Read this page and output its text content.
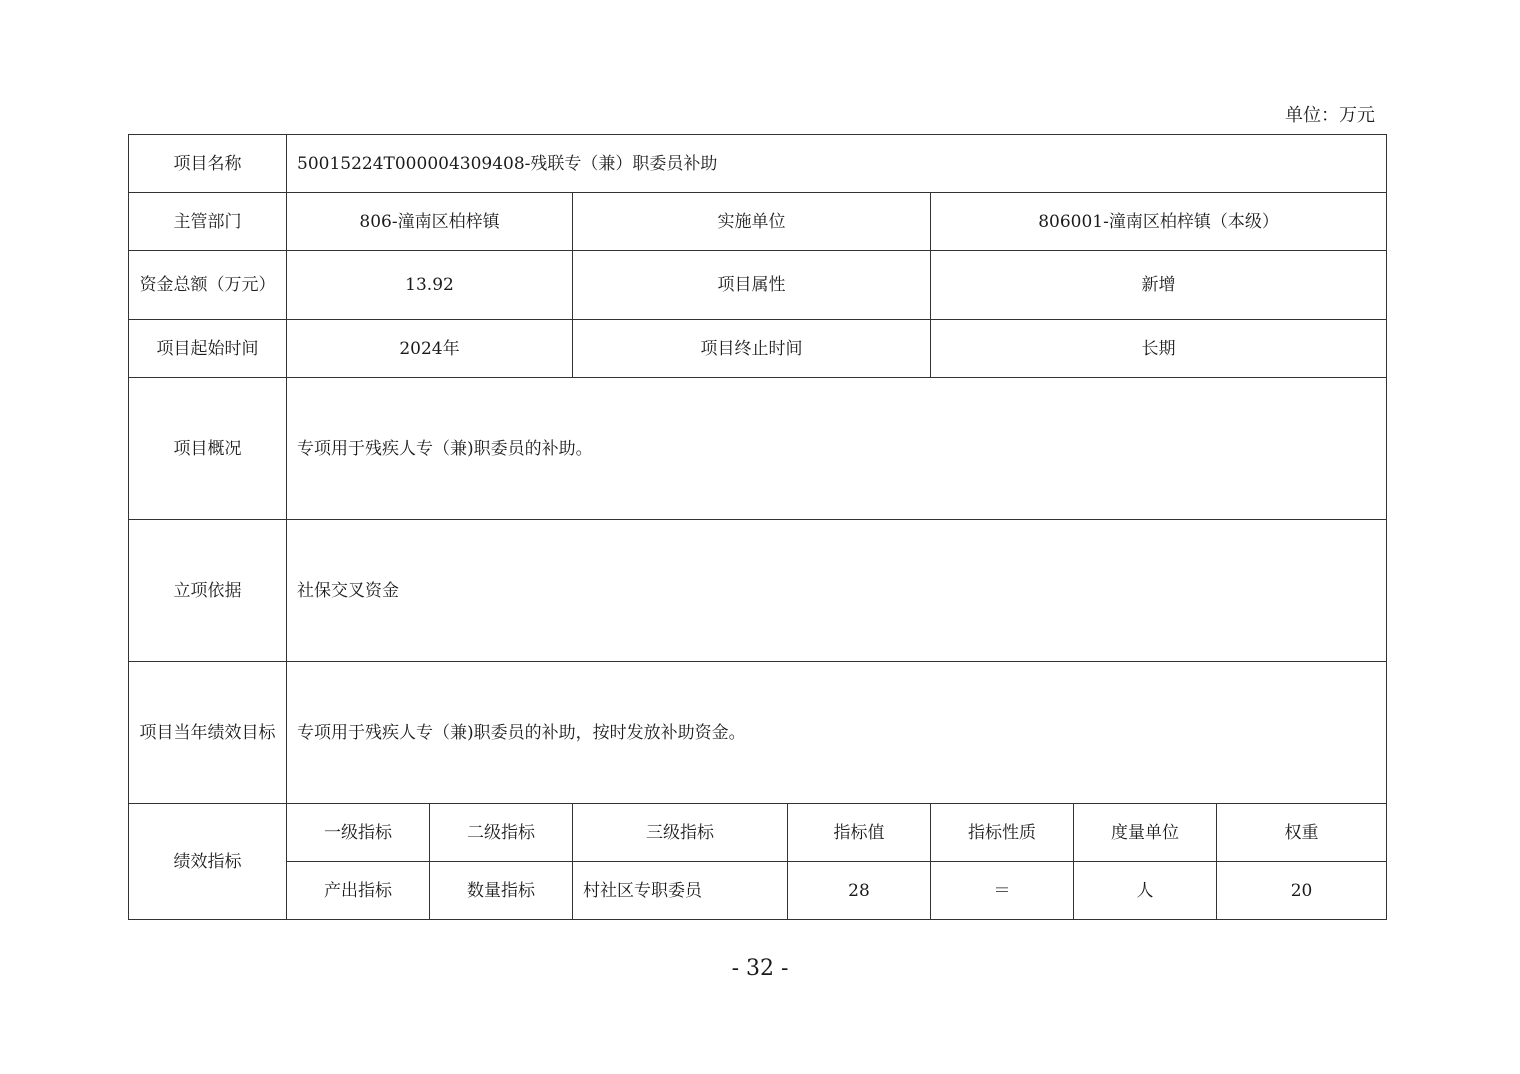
单位：万元
项目名称	50015224T000004309408-残联专（兼）职委员补助						
主管部门	806-潼南区柏梓镇		实施单位		806001-潼南区柏梓镇（本级）		
资金总额（万元）	13.92		项目属性		新增		
项目起始时间	2024年		项目终止时间		长期		
项目概况	专项用于残疾人专（兼)职委员的补助。						
立项依据	社保交叉资金						
项目当年绩效目标	专项用于残疾人专（兼)职委员的补助，按时发放补助资金。						
绩效指标	一级指标	二级指标	三级指标	指标值	指标性质	度量单位	权重
	产出指标	数量指标	村社区专职委员	28	＝	人	20
- 32 -
